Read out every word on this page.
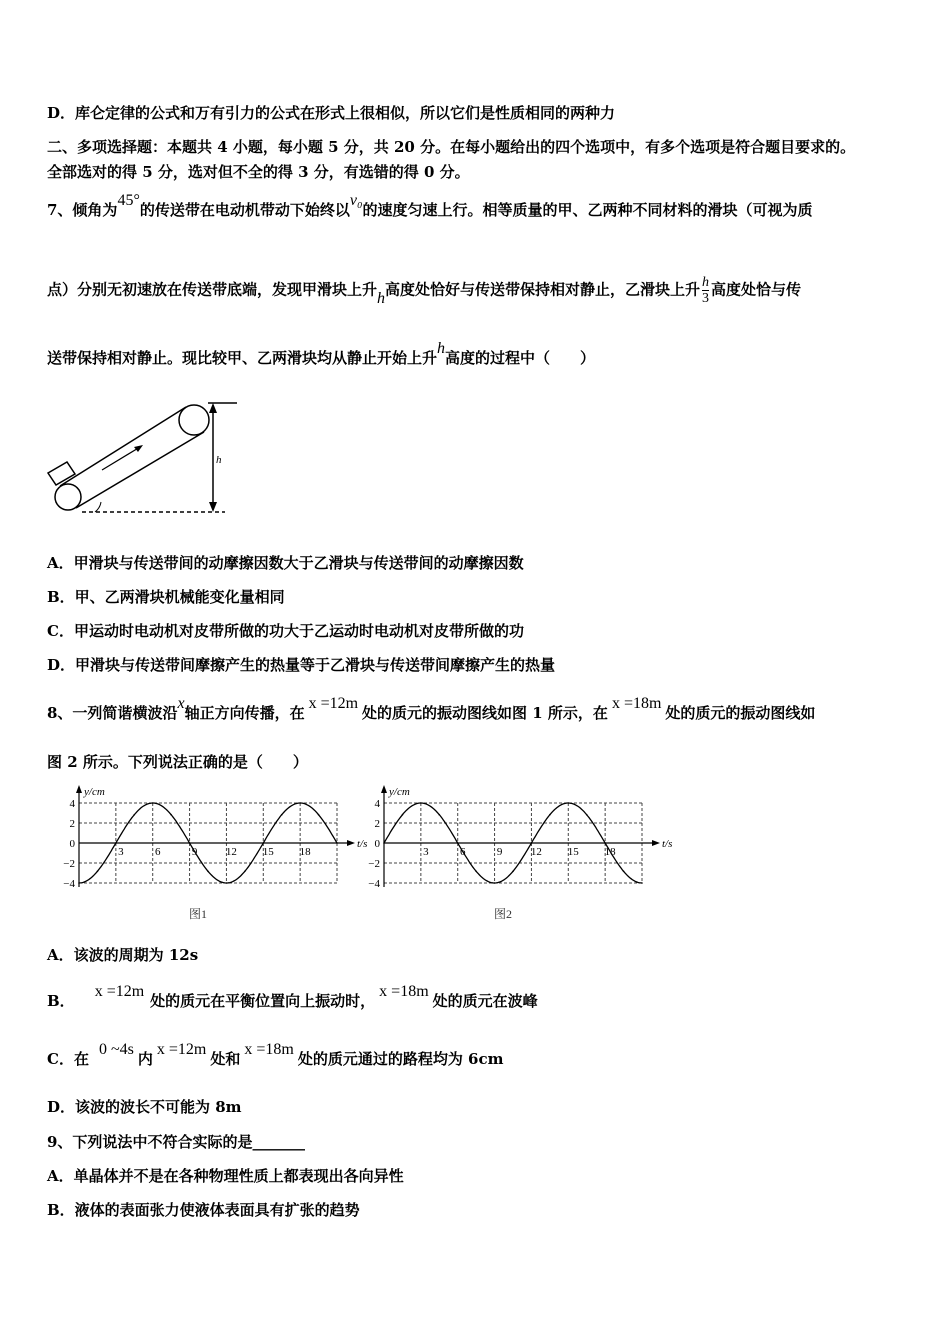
D．库仑定律的公式和万有引力的公式在形式上很相似，所以它们是性质相同的两种力
二、多项选择题：本题共 4 小题，每小题 5 分，共 20 分。在每小题给出的四个选项中，有多个选项是符合题目要求的。
全部选对的得 5 分，选对但不全的得 3 分，有选错的得 0 分。
7、倾角为45°的传送带在电动机带动下始终以v₀的速度匀速上行。相等质量的甲、乙两种不同材料的滑块（可视为质
点）分别无初速放在传送带底端，发现甲滑块上升h高度处恰好与传送带保持相对静止，乙滑块上升 $\frac{h}{3}$ 高度处恰与传
送带保持相对静止。现比较甲、乙两滑块均从静止开始上升h高度的过程中（　　）
h
A．甲滑块与传送带间的动摩擦因数大于乙滑块与传送带间的动摩擦因数
B．甲、乙两滑块机械能变化量相同
C．甲运动时电动机对皮带所做的功大于乙运动时电动机对皮带所做的功
D．甲滑块与传送带间摩擦产生的热量等于乙滑块与传送带间摩擦产生的热量
8、一列简谐横波沿x轴正方向传播，在x =12m处的质元的振动图线如图 1 所示，在x =18m处的质元的振动图线如
图 2 所示。下列说法正确的是（　　）
y/cm
t/s
4
2
0
−2
−4
3	6	9	12 15 18
图1
y/cm
t/s
4
2
0
−2
−4
3	6	9	12 15 18
图2
A．该波的周期为 12s
B．x =12m处的质元在平衡位置向上振动时，x =18m处的质元在波峰
C．在0 ~4s内x =12m处和x =18m处的质元通过的路程均为 6cm
D．该波的波长不可能为 8m
9、下列说法中不符合实际的是_______
A．单晶体并不是在各种物理性质上都表现出各向异性
B．液体的表面张力使液体表面具有扩张的趋势
